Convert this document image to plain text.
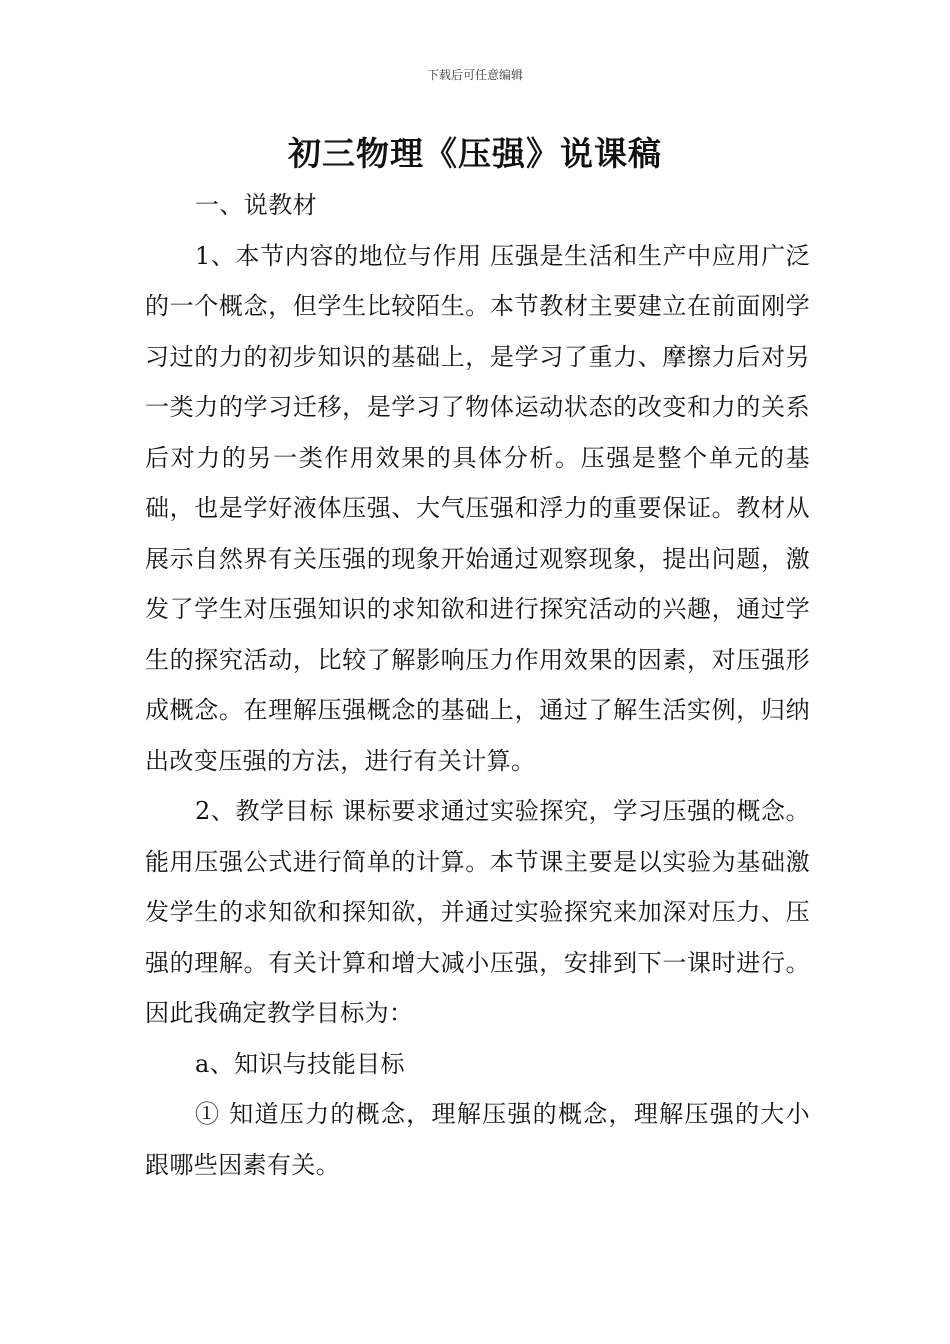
下载后可任意编辑
初三物理《压强》说课稿

一、说教材

1、本节内容的地位与作用 压强是生活和生产中应用广泛的一个概念，但学生比较陌生。本节教材主要建立在前面刚学习过的力的初步知识的基础上，是学习了重力、摩擦力后对另一类力的学习迁移，是学习了物体运动状态的改变和力的关系后对力的另一类作用效果的具体分析。压强是整个单元的基础，也是学好液体压强、大气压强和浮力的重要保证。教材从展示自然界有关压强的现象开始通过观察现象，提出问题，激发了学生对压强知识的求知欲和进行探究活动的兴趣，通过学生的探究活动，比较了解影响压力作用效果的因素，对压强形成概念。在理解压强概念的基础上，通过了解生活实例，归纳出改变压强的方法，进行有关计算。

2、教学目标 课标要求通过实验探究，学习压强的概念。能用压强公式进行简单的计算。本节课主要是以实验为基础激发学生的求知欲和探知欲，并通过实验探究来加深对压力、压强的理解。有关计算和增大减小压强，安排到下一课时进行。因此我确定教学目标为：

a、知识与技能目标

① 知道压力的概念，理解压强的概念，理解压强的大小跟哪些因素有关。
